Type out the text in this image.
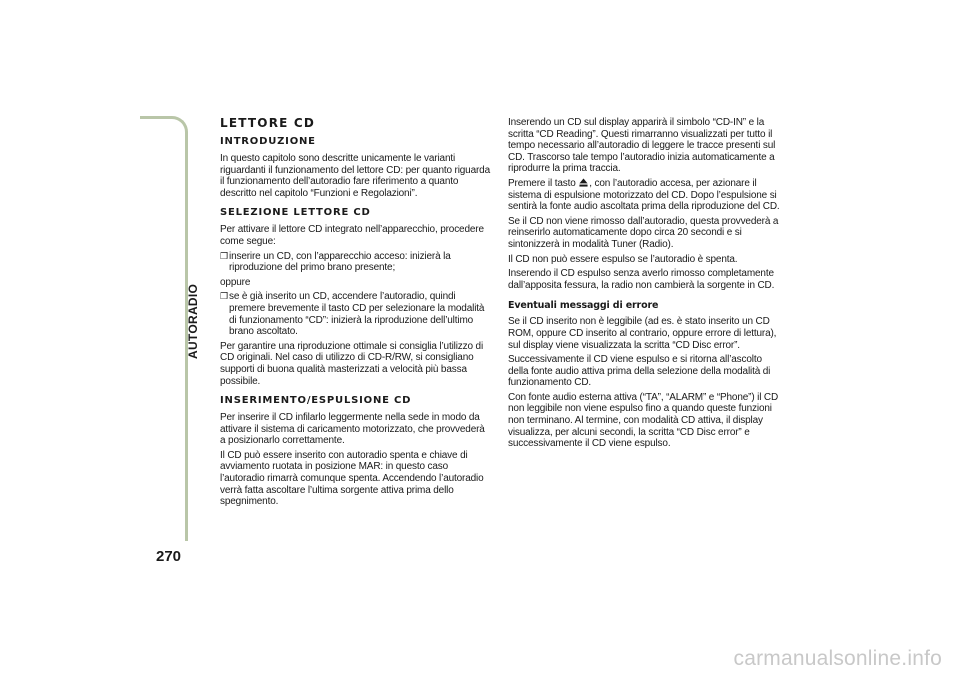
AUTORADIO
270
LETTORE CD
INTRODUZIONE

In questo capitolo sono descritte unicamente le varianti riguardanti il funzionamento del lettore CD: per quanto riguarda il funzionamento dell’autoradio fare riferimento a quanto descritto nel capitolo “Funzioni e Regolazioni”.

SELEZIONE LETTORE CD

Per attivare il lettore CD integrato nell’apparecchio, procedere come segue:

❒ inserire un CD, con l’apparecchio acceso: inizierà la riproduzione del primo brano presente;

oppure

❒ se è già inserito un CD, accendere l’autoradio, quindi premere brevemente il tasto CD per selezionare la modalità di funzionamento “CD”: inizierà la riproduzione dell’ultimo brano ascoltato.

Per garantire una riproduzione ottimale si consiglia l’utilizzo di CD originali. Nel caso di utilizzo di CD-R/RW, si consigliano supporti di buona qualità masterizzati a velocità più bassa possibile.

INSERIMENTO/ESPULSIONE CD

Per inserire il CD infilarlo leggermente nella sede in modo da attivare il sistema di caricamento motorizzato, che provvederà a posizionarlo correttamente.

Il CD può essere inserito con autoradio spenta e chiave di avviamento ruotata in posizione MAR: in questo caso l’autoradio rimarrà comunque spenta. Accendendo l’autoradio verrà fatta ascoltare l’ultima sorgente attiva prima dello spegnimento.

Inserendo un CD sul display apparirà il simbolo “CD-IN” e la scritta “CD Reading”. Questi rimarranno visualizzati per tutto il tempo necessario all’autoradio di leggere le tracce presenti sul CD. Trascorso tale tempo l’autoradio inizia automaticamente a riprodurre la prima traccia.

Premere il tasto , con l’autoradio accesa, per azionare il sistema di espulsione motorizzato del CD. Dopo l’espulsione si sentirà la fonte audio ascoltata prima della riproduzione del CD.

Se il CD non viene rimosso dall’autoradio, questa provvederà a reinserirlo automaticamente dopo circa 20 secondi e si sintonizzerà in modalità Tuner (Radio).

Il CD non può essere espulso se l’autoradio è spenta.

Inserendo il CD espulso senza averlo rimosso completamente dall’apposita fessura, la radio non cambierà la sorgente in CD.

Eventuali messaggi di errore

Se il CD inserito non è leggibile (ad es. è stato inserito un CD ROM, oppure CD inserito al contrario, oppure errore di lettura), sul display viene visualizzata la scritta “CD Disc error”.

Successivamente il CD viene espulso e si ritorna all’ascolto della fonte audio attiva prima della selezione della modalità di funzionamento CD.

Con fonte audio esterna attiva (“TA”, “ALARM” e “Phone”) il CD non leggibile non viene espulso fino a quando queste funzioni non terminano. Al termine, con modalità CD attiva, il display visualizza, per alcuni secondi, la scritta “CD Disc error” e successivamente il CD viene espulso.

carmanualsonline.info
